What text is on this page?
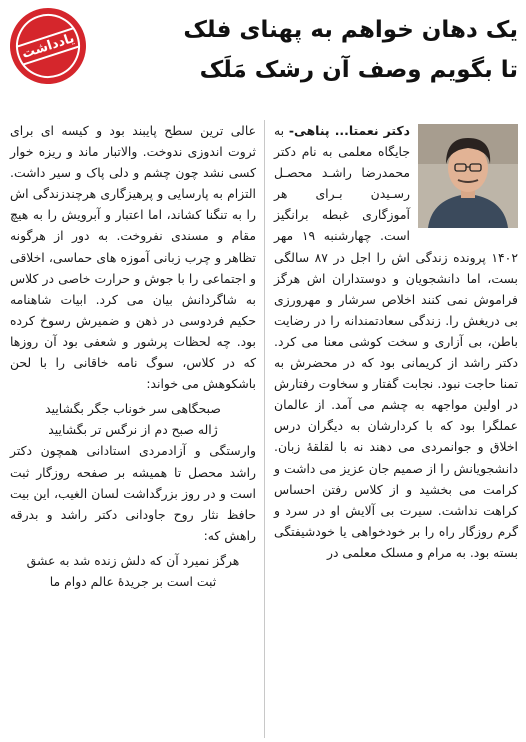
یادداشت
یک دهان خواهم به پهنای فلک
تا بگویم وصف آن رشک مَلَک

دکتر نعمتا... پناهی- به جایگاه معلمی به نام دکتر محمدرضا راشـد محصـل رسـیدن بـرای هر آموزگاری غبطه برانگیز است. چهارشنبه ۱۹ مهر ۱۴۰۲ پرونده زندگی اش را اجل در ۸۷ سالگی بست، اما دانشجویان و دوستداران اش هرگز فراموش نمی کنند اخلاص سرشار و مهرورزی بی دریغش را. زندگی سعادتمندانه را در رضایت باطن، بی آزاری و سخت کوشی معنا می کرد. دکتر راشد از کریمانی بود که در محضرش به تمنا حاجت نبود. نجابت گفتار و سخاوت رفتارش در اولین مواجهه به چشم می آمد. از عالمان عملگرا بود که با کردارشان به دیگران درس اخلاق و جوانمردی می دهند نه با لقلقۀ زبان. دانشجویانش را از صمیم جان عزیز می داشت و کرامت می بخشید و از کلاس رفتن احساس کراهت نداشت. سیرت بی آلایش او در سرد و گرم روزگار راه را بر خودخواهی یا خودشیفتگی بسته بود. به مرام و مسلک معلمی در

عالی ترین سطح پایبند بود و کیسه ای برای ثروت اندوزی ندوخت. والاتبار ماند و ریزه خوار کسی نشد چون چشم و دلی پاک و سیر داشت. التزام به پارسایی و پرهیزگاری هرچندزندگی اش را به تنگنا کشاند، اما اعتبار و آبرویش را به هیچ مقام و مسندی نفروخت. به دور از هرگونه تظاهر و چرب زبانی آموزه های حماسی، اخلاقی و اجتماعی را با جوش و حرارت خاصی در کلاس به شاگردانش بیان می کرد. ابیات شاهنامه حکیم فردوسی در ذهن و ضمیرش رسوخ کرده بود. چه لحظات پرشور و شعفی بود آن روزها که در کلاس، سوگ نامه خاقانی را با لحن باشکوهش می خواند:

صبحگاهی سر خوناب جگر بگشایید
ژاله صبح دم از نرگس تر بگشایید

وارستگی و آزادمردی استادانی همچون دکتر راشد محصل تا همیشه بر صفحه روزگار ثبت است و در روز بزرگداشت لسان الغیب، این بیت حافظ نثار روح جاودانی دکتر راشد و بدرقه راهش که:

هرگز نمیرد آن که دلش زنده شد به عشق
ثبت است بر جریدۀ عالم دوام ما
